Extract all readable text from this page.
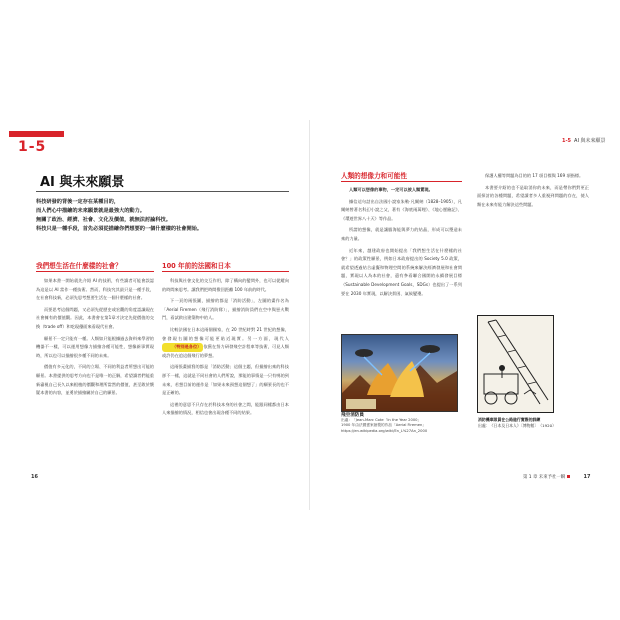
1-5
AI 與未來願景
科技研發的背後一定存在某種目的，
而人們心中描繪的未來願景就是最強大的動力。
無關了政治、經濟、社會、文化及價值，就無法討論科技。
科技只是一種手段，首先必須從描繪你們想要的一個什麼樣的社會開始。
我們想生活在什麼樣的社會？

如果本書一開始就先介紹 AI 的技術，有些讀者可能會誤認為這是以 AI 當作一種技術。然而，科技究其最只是一種手段，在社會科技新，必須先思考想要生活在一個什麼樣的社會。

而要思考這個問題，又必須先從歷史或宏觀的角度認識現在社會擁有的價值觀。因此，本書會在第1章才決定先從價值的交換（trade off）和吃現優面來看現代社會。

願景不一定只能有一種。人類如只能根據過去資料來學習的機器不一樣，可以運用想像力描繪各種可能性，想像新事實現時，所以也可以描繪很多種不同的未來。

價值有多元化的，不同的立場、不同的利益者所想出可能的願景。本書提供的思考方向也不是唯一的正解，希望讀者們能重新審視自己長久以來根植的價觀和理所當然的價值，甚至敢於懷疑本書的內容，並勇於描繪屬於自己的願景。

100 年前的法國和日本

科技與社會文化的交互作用，除了構向的變問外，也可以從縱向的時間來思考。讓我們把時間撥回距離 100 年前的時代。

下一頁的兩張圖，描繪的都是「消防活動」，左圖的畫作名為「Aerial Firemen（飛行消防隊）」，描繪消防員們在空中與惡火戰鬥，看試救出建築物中的人。

比較法國在日本這兩個國家，在 20 世紀時對 21 世紀的想像，會發現右圖的想像可能更貼近現實。另一方面，現代人（特別是各位） 依舊在努力研發飛空計程車等技術，可見人類或許仍在追這個飛行的夢想。

這兩張畫描寫的都是「消防活動」這個主題，但描繪出來的科技卻不一樣，這就是不同社會的人們所說，那能的事情是一只有嗎的到未來，若想目前的運作是「如果未來預想這個想了」的願景長的也不是正確的。

這裡的意思不只存在於科技本身的社會之間，能跟同樣都由日本人來描繪的情況，相信也會出現各種不同的結果。

16
1-5 AI 與未來願景
人類的想像力和可能性

人類可以想像的事物，一定可以被人類實現。

據信這句話出自法國小說家朱勒·凡爾納（1828–1905），凡爾納曾著名科幻小說之父，著有《海底兩萬哩》、《地心歷險記》、《環遊世界八十天》等作品。

所謂的想像，就是讓腦海能與夢力的結晶，形成可以塑造未來的力量。

近年來，越建政府也開始提出「我們想生活在什麼樣的社會？」的政策性願景，例如日本政府提出的 Society 5.0 政策，就希望透過結合虛擬和物理空間的系統來解決經濟發展和社會問題，實現以人為本的社會，還有參看聯合國開的永續發展目標（Sustainable Development Goals，SDGs）也提出了一系列要在 2030 年實現，以解決貧困、氣候變遷。

保護人權等問題為目的的 17 項目標與 169 項指標。

本書要介紹的也不是取消你的未來，而是帶你們對更正面探討的各種問題，希望讀者多人重視到問題的存在，使人類在未來有能力解決這些問題。

飛空消防員
出處：「Jean-Marc Cote「In the Year 2000」
1900 年由法國畫家繪製的作品「Aerial Firemen」
https://en.wikipedia.org/wiki/En_L%27An_2000
消防機車隊員在公路進行實際的訓練
出處：《日本及日本人》〔博物館〕　（1920）
第 1 章 未來予社一瞬	17
